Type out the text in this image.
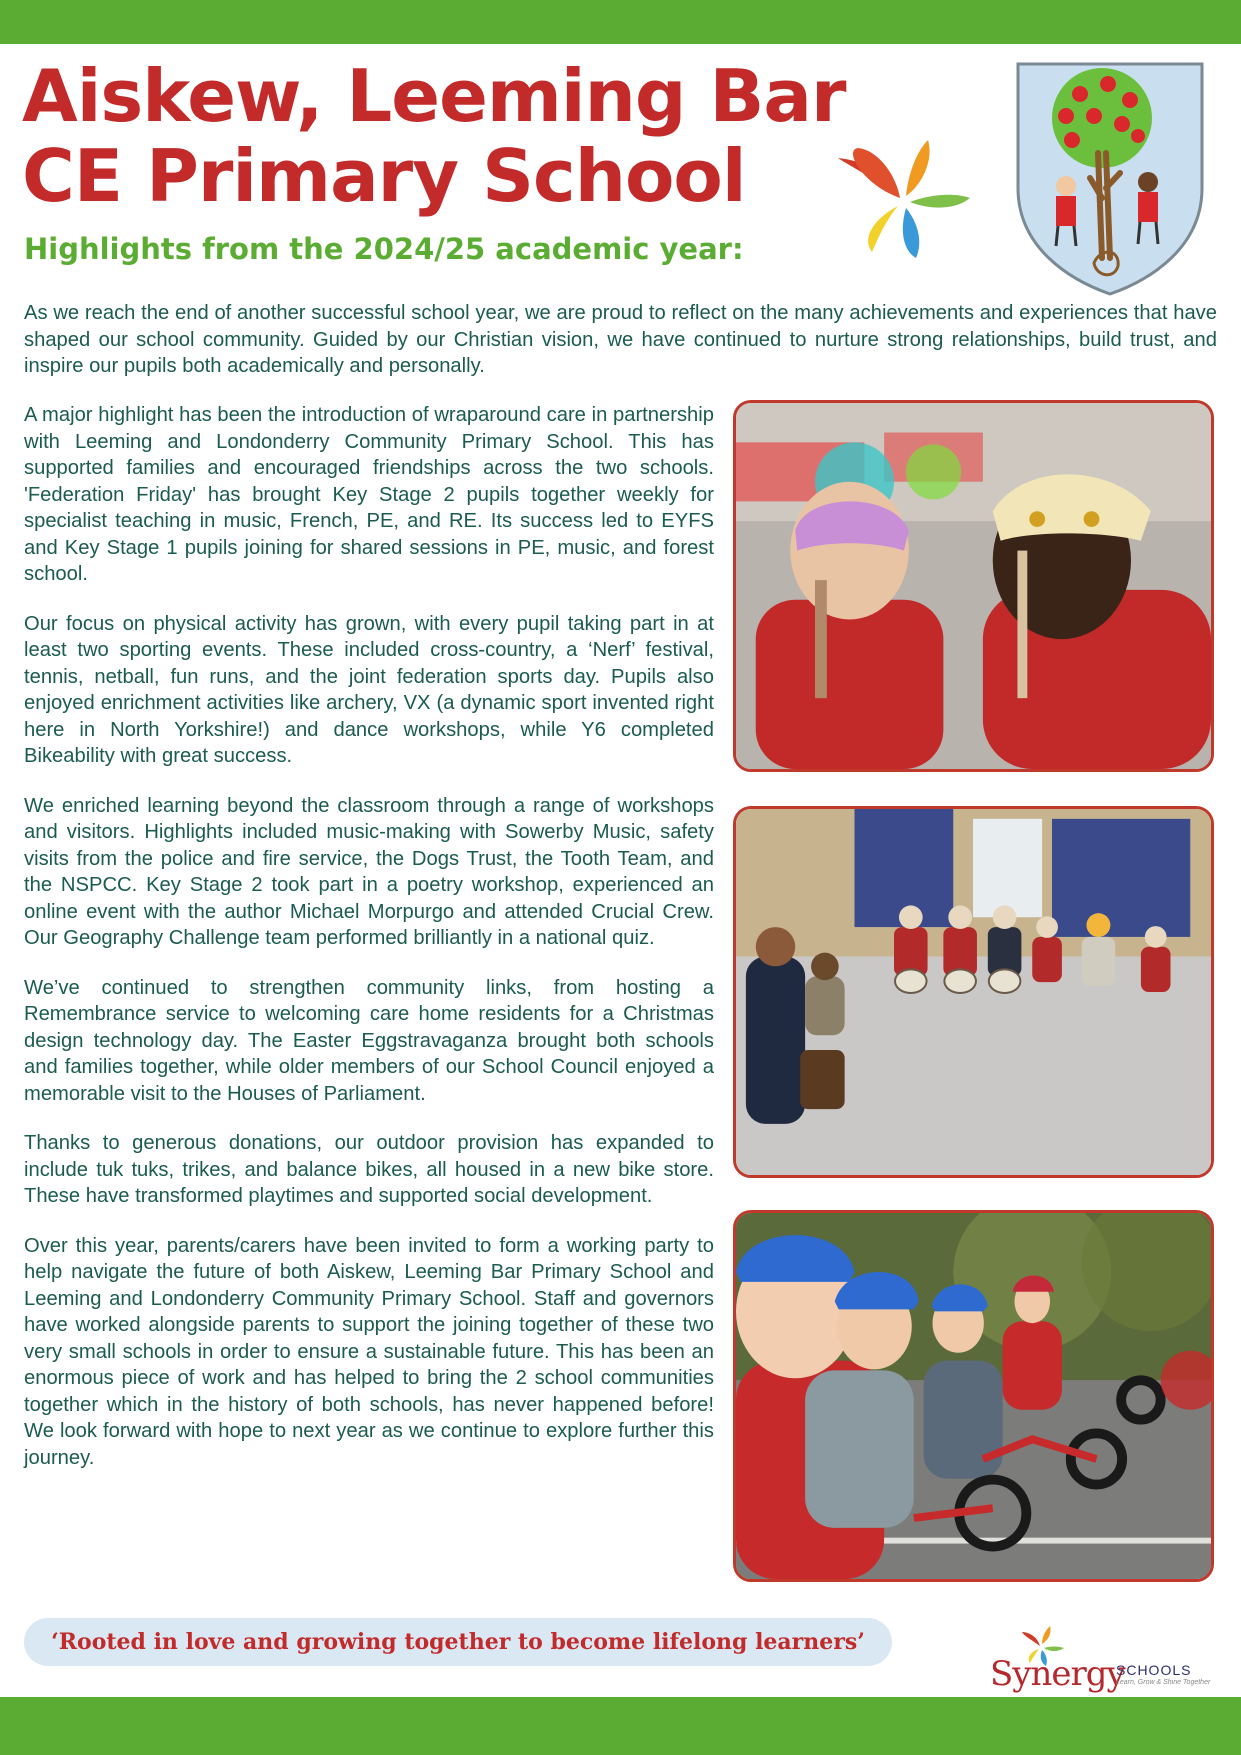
Aiskew, Leeming Bar CE Primary School
Highlights from the 2024/25 academic year:

As we reach the end of another successful school year, we are proud to reflect on the many achievements and experiences that have shaped our school community. Guided by our Christian vision, we have continued to nurture strong relationships, build trust, and inspire our pupils both academically and personally.

A major highlight has been the introduction of wraparound care in partnership with Leeming and Londonderry Community Primary School. This has supported families and encouraged friendships across the two schools. 'Federation Friday' has brought Key Stage 2 pupils together weekly for specialist teaching in music, French, PE, and RE. Its success led to EYFS and Key Stage 1 pupils joining for shared sessions in PE, music, and forest school.

Our focus on physical activity has grown, with every pupil taking part in at least two sporting events. These included cross-country, a ‘Nerf’ festival, tennis, netball, fun runs, and the joint federation sports day. Pupils also enjoyed enrichment activities like archery, VX (a dynamic sport invented right here in North Yorkshire!) and dance workshops, while Y6 completed Bikeability with great success.

We enriched learning beyond the classroom through a range of workshops and visitors. Highlights included music-making with Sowerby Music, safety visits from the police and fire service, the Dogs Trust, the Tooth Team, and the NSPCC. Key Stage 2 took part in a poetry workshop, experienced an online event with the author Michael Morpurgo and attended Crucial Crew. Our Geography Challenge team performed brilliantly in a national quiz.

We’ve continued to strengthen community links, from hosting a Remembrance service to welcoming care home residents for a Christmas design technology day. The Easter Eggstravaganza brought both schools and families together, while older members of our School Council enjoyed a memorable visit to the Houses of Parliament.

Thanks to generous donations, our outdoor provision has expanded to include tuk tuks, trikes, and balance bikes, all housed in a new bike store. These have transformed playtimes and supported social development.

Over this year, parents/carers have been invited to form a working party to help navigate the future of both Aiskew, Leeming Bar Primary School and Leeming and Londonderry Community Primary School. Staff and governors have worked alongside parents to support the joining together of these two very small schools in order to ensure a sustainable future. This has been an enormous piece of work and has helped to bring the 2 school communities together which in the history of both schools, has never happened before! We look forward with hope to next year as we continue to explore further this journey.

‘Rooted in love and growing together to become lifelong learners’

Synergy
SCHOOLS
Learn, Grow & Shine Together
